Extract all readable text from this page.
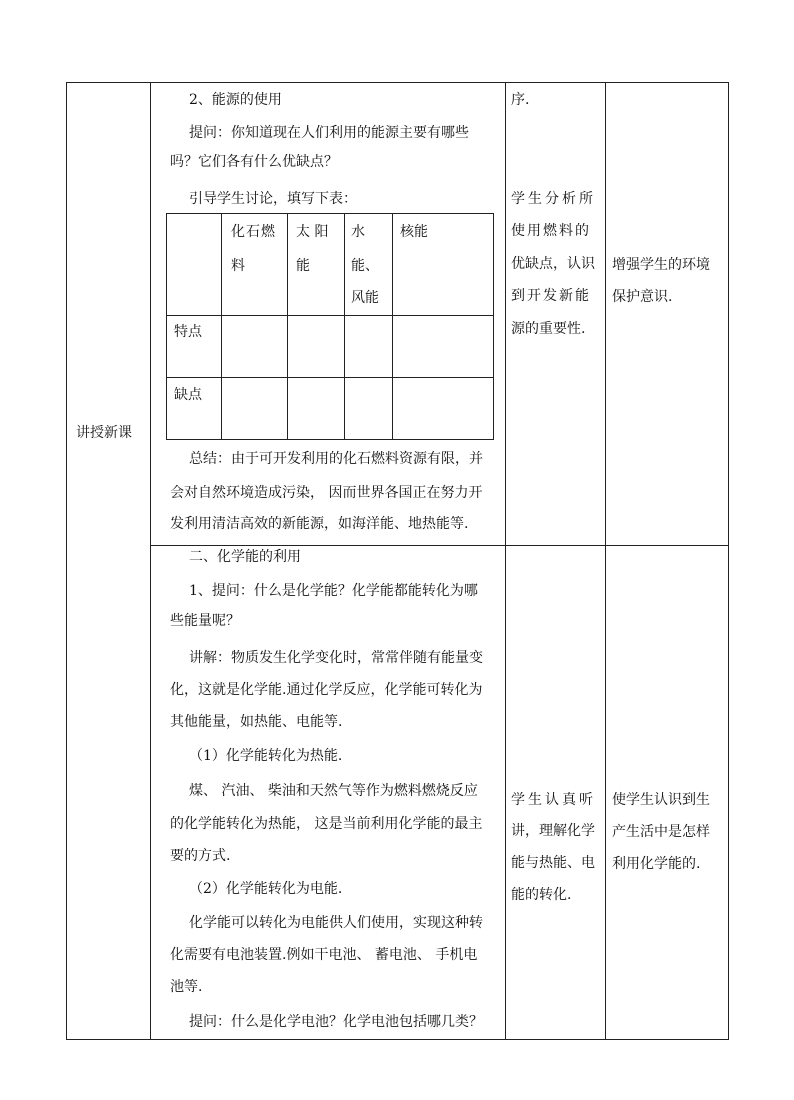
讲授新课
2、能源的使用
提问：你知道现在人们利用的能源主要有哪些
吗？它们各有什么优缺点？
引导学生讨论，填写下表：
化石燃
料
太 阳
能
水
能、
风能
核能
特点
缺点
总结：由于可开发利用的化石燃料资源有限，并
会对自然环境造成污染， 因而世界各国正在努力开
发利用清洁高效的新能源，如海洋能、地热能等.
序.
学生分析所
使用燃料的
优缺点，认识
到开发新能
源的重要性.
增强学生的环境
保护意识.
二、化学能的利用
1、提问：什么是化学能？化学能都能转化为哪
些能量呢？
讲解：物质发生化学变化时，常常伴随有能量变
化，这就是化学能.通过化学反应，化学能可转化为
其他能量，如热能、电能等.
（1）化学能转化为热能.
煤、 汽油、 柴油和天然气等作为燃料燃烧反应
的化学能转化为热能， 这是当前利用化学能的最主
要的方式.
（2）化学能转化为电能.
化学能可以转化为电能供人们使用，实现这种转
化需要有电池装置.例如干电池、 蓄电池、 手机电
池等.
提问：什么是化学电池？化学电池包括哪几类？
学生认真听
讲，理解化学
能与热能、电
能的转化.
使学生认识到生
产生活中是怎样
利用化学能的.
